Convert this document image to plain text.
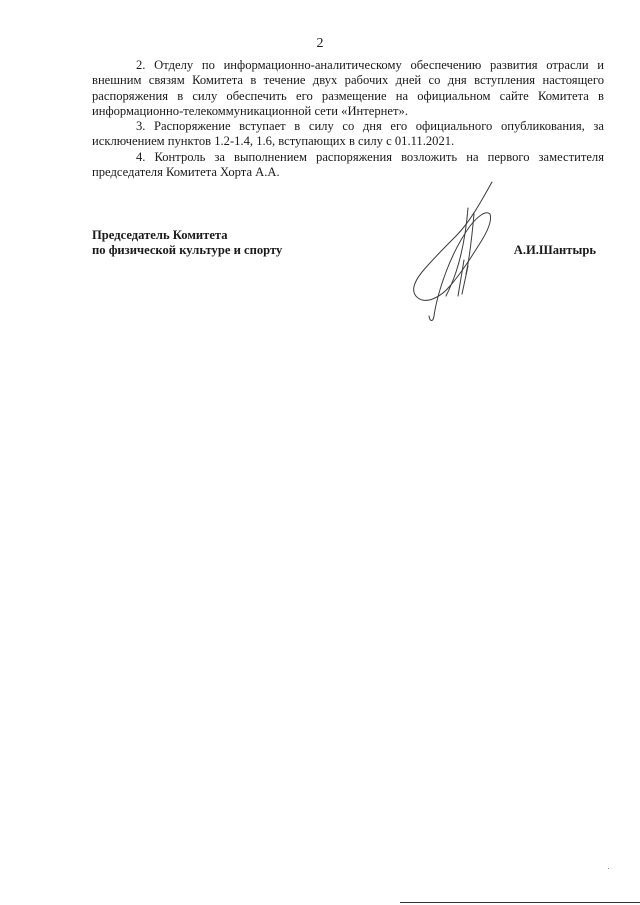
2

2. Отделу по информационно-аналитическому обеспечению развития отрасли и внешним связям Комитета в течение двух рабочих дней со дня вступления настоящего распоряжения в силу обеспечить его размещение на официальном сайте Комитета в информационно-телекоммуникационной сети «Интернет».

3. Распоряжение вступает в силу со дня его официального опубликования, за исключением пунктов 1.2-1.4, 1.6, вступающих в силу с 01.11.2021.

4. Контроль за выполнением распоряжения возложить на первого заместителя председателя Комитета Хорта А.А.

Председатель Комитета
по физической культуре и спорту	А.И.Шантырь
